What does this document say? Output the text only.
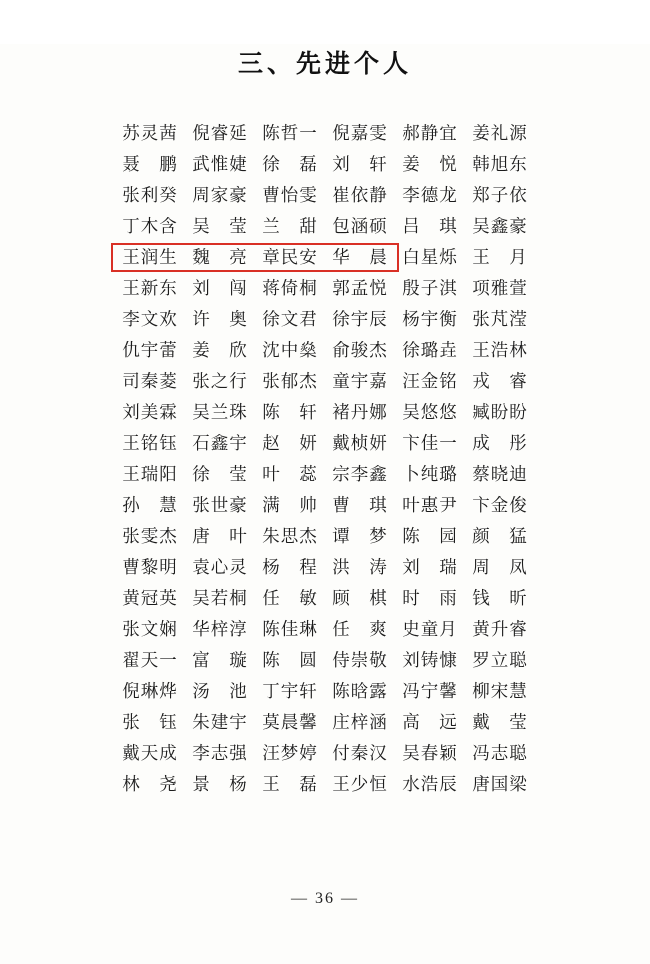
三、先进个人
苏灵茜	倪睿延	陈哲一	倪嘉雯	郝静宜	姜礼源
聂　鹏	武惟婕	徐　磊	刘　轩	姜　悦	韩旭东
张利癸	周家豪	曹怡雯	崔依静	李德龙	郑子依
丁木含	吴　莹	兰　甜	包涵硕	吕　琪	吴鑫豪
王润生	魏　亮	章民安	华　晨	白星烁	王　月
王新东	刘　闯	蒋倚桐	郭孟悦	殷子淇	项雅萱
李文欢	许　奥	徐文君	徐宇辰	杨宇衡	张芃滢
仇宇蕾	姜　欣	沈中燊	俞骏杰	徐璐垚	王浩林
司秦菱	张之行	张郁杰	童宇嘉	汪金铭	戎　睿
刘美霖	吴兰珠	陈　轩	褚丹娜	吴悠悠	臧盼盼
王铭钰	石鑫宇	赵　妍	戴桢妍	卞佳一	成　彤
王瑞阳	徐　莹	叶　蕊	宗李鑫	卜纯璐	蔡晓迪
孙　慧	张世豪	满　帅	曹　琪	叶惠尹	卞金俊
张雯杰	唐　叶	朱思杰	谭　梦	陈　园	颜　猛
曹黎明	袁心灵	杨　程	洪　涛	刘　瑞	周　凤
黄冠英	吴若桐	任　敏	顾　棋	时　雨	钱　昕
张文娴	华梓淳	陈佳琳	任　爽	史童月	黄升睿
翟天一	富　璇	陈　圆	侍崇敬	刘铸慷	罗立聪
倪琳烨	汤　池	丁宇轩	陈晗露	冯宁馨	柳宋慧
张　钰	朱建宇	莫晨馨	庄梓涵	高　远	戴　莹
戴天成	李志强	汪梦婷	付秦汉	吴春颖	冯志聪
林　尧	景　杨	王　磊	王少恒	水浩辰	唐国梁
— 36 —
